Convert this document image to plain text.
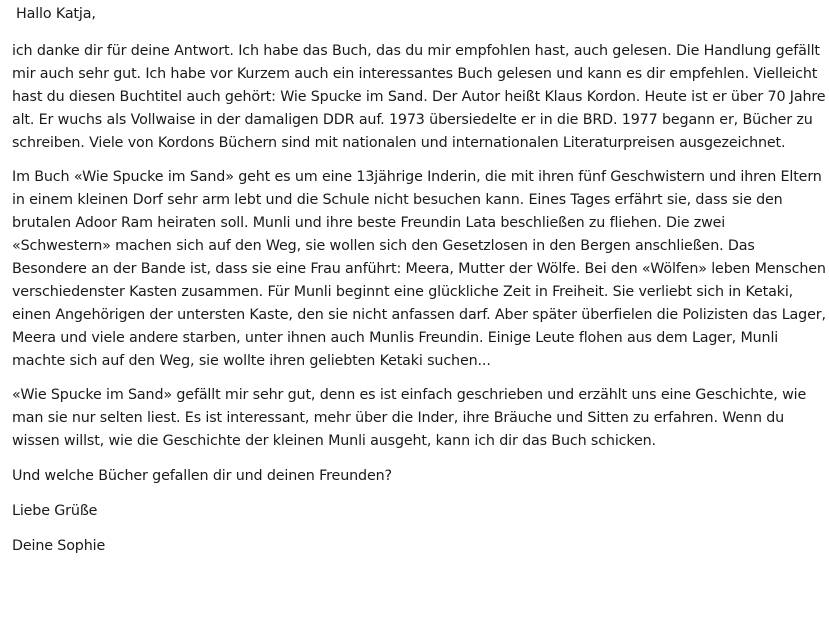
Hallo Katja,

ich danke dir für deine Antwort. Ich habe das Buch, das du mir empfohlen hast, auch gelesen. Die Handlung gefällt mir auch sehr gut. Ich habe vor Kurzem auch ein interessantes Buch gelesen und kann es dir empfehlen. Vielleicht hast du diesen Buchtitel auch gehört: Wie Spucke im Sand. Der Autor heißt Klaus Kordon. Heute ist er über 70 Jahre alt. Er wuchs als Vollwaise in der damaligen DDR auf. 1973 übersiedelte er in die BRD. 1977 begann er, Bücher zu schreiben. Viele von Kordons Büchern sind mit nationalen und internationalen Literaturpreisen ausgezeichnet.

Im Buch «Wie Spucke im Sand» geht es um eine 13jährige Inderin, die mit ihren fünf Geschwistern und ihren Eltern in einem kleinen Dorf sehr arm lebt und die Schule nicht besuchen kann. Eines Tages erfährt sie, dass sie den brutalen Adoor Ram heiraten soll. Munli und ihre beste Freundin Lata beschließen zu fliehen. Die zwei «Schwestern» machen sich auf den Weg, sie wollen sich den Gesetzlosen in den Bergen anschließen. Das Besondere an der Bande ist, dass sie eine Frau anführt: Meera, Mutter der Wölfe. Bei den «Wölfen» leben Menschen verschiedenster Kasten zusammen. Für Munli beginnt eine glückliche Zeit in Freiheit. Sie verliebt sich in Ketaki, einen Angehörigen der untersten Kaste, den sie nicht anfassen darf. Aber später überfielen die Polizisten das Lager, Meera und viele andere starben, unter ihnen auch Munlis Freundin. Einige Leute flohen aus dem Lager, Munli machte sich auf den Weg, sie wollte ihren geliebten Ketaki suchen...

«Wie Spucke im Sand» gefällt mir sehr gut, denn es ist einfach geschrieben und erzählt uns eine Geschichte, wie man sie nur selten liest. Es ist interessant, mehr über die Inder, ihre Bräuche und Sitten zu erfahren. Wenn du wissen willst, wie die Geschichte der kleinen Munli ausgeht, kann ich dir das Buch schicken.

Und welche Bücher gefallen dir und deinen Freunden?

Liebe Grüße

Deine Sophie
